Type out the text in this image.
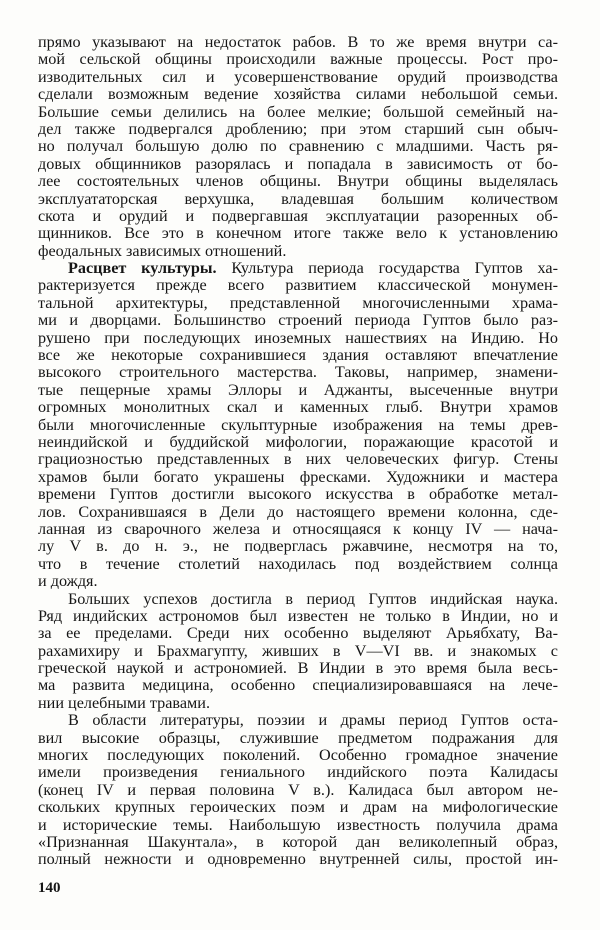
прямо указывают на недостаток рабов. В то же время внутри са-
мой сельской общины происходили важные процессы. Рост про-
изводительных сил и усовершенствование орудий производства
сделали возможным ведение хозяйства силами небольшой семьи.
Большие семьи делились на более мелкие; большой семейный на-
дел также подвергался дроблению; при этом старший сын обыч-
но получал большую долю по сравнению с младшими. Часть ря-
довых общинников разорялась и попадала в зависимость от бо-
лее состоятельных членов общины. Внутри общины выделялась
эксплуататорская верхушка, владевшая большим количеством
скота и орудий и подвергавшая эксплуатации разоренных об-
щинников. Все это в конечном итоге также вело к установлению
феодальных зависимых отношений.
Расцвет культуры. Культура периода государства Гуптов ха-
рактеризуется прежде всего развитием классической монумен-
тальной архитектуры, представленной многочисленными храма-
ми и дворцами. Большинство строений периода Гуптов было раз-
рушено при последующих иноземных нашествиях на Индию. Но
все же некоторые сохранившиеся здания оставляют впечатление
высокого строительного мастерства. Таковы, например, знамени-
тые пещерные храмы Эллоры и Аджанты, высеченные внутри
огромных монолитных скал и каменных глыб. Внутри храмов
были многочисленные скульптурные изображения на темы древ-
неиндийской и буддийской мифологии, поражающие красотой и
грациозностью представленных в них человеческих фигур. Стены
храмов были богато украшены фресками. Художники и мастера
времени Гуптов достигли высокого искусства в обработке метал-
лов. Сохранившаяся в Дели до настоящего времени колонна, сде-
ланная из сварочного железа и относящаяся к концу IV — нача-
лу V в. до н. э., не подверглась ржавчине, несмотря на то,
что в течение столетий находилась под воздействием солнца
и дождя.
Больших успехов достигла в период Гуптов индийская наука.
Ряд индийских астрономов был известен не только в Индии, но и
за ее пределами. Среди них особенно выделяют Арьябхату, Ва-
рахамихиру и Брахмагупту, живших в V—VI вв. и знакомых с
греческой наукой и астрономией. В Индии в это время была весь-
ма развита медицина, особенно специализировавшаяся на лече-
нии целебными травами.
В области литературы, поэзии и драмы период Гуптов оста-
вил высокие образцы, служившие предметом подражания для
многих последующих поколений. Особенно громадное значение
имели произведения гениального индийского поэта Калидасы
(конец IV и первая половина V в.). Калидаса был автором не-
скольких крупных героических поэм и драм на мифологические
и исторические темы. Наибольшую известность получила драма
«Признанная Шакунтала», в которой дан великолепный образ,
полный нежности и одновременно внутренней силы, простой ин-
140
